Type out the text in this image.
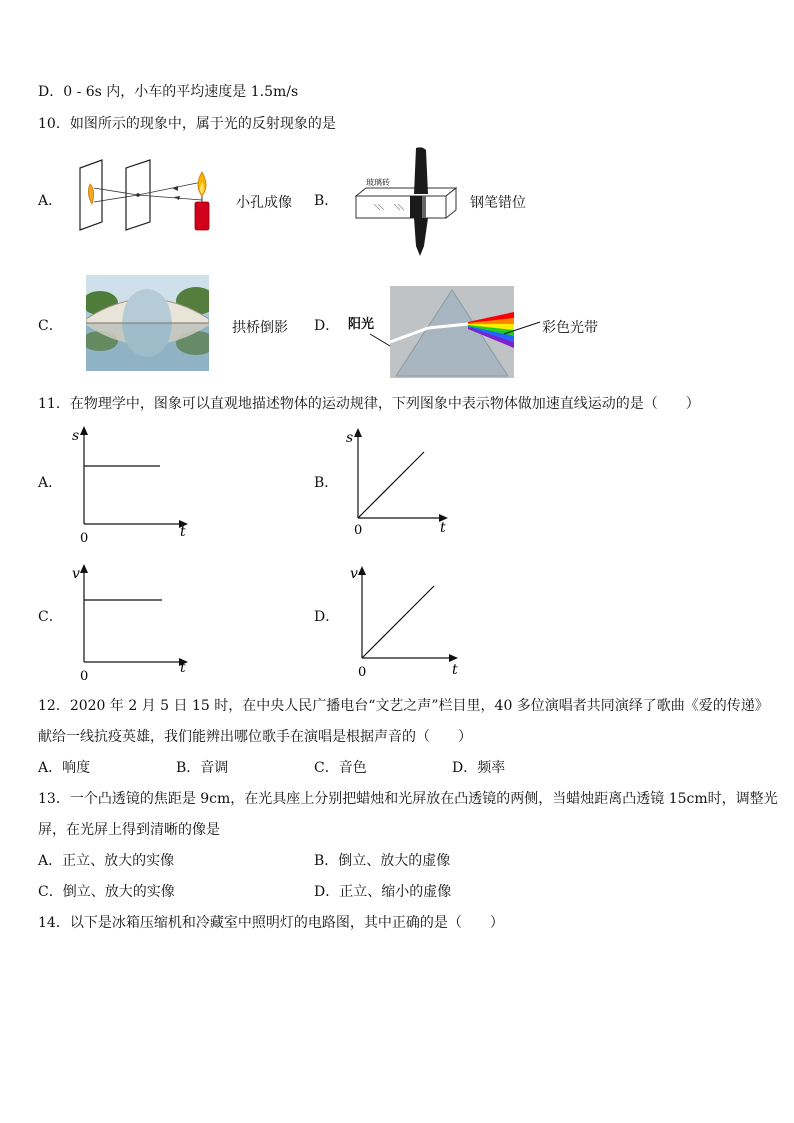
D．0 - 6s 内，小车的平均速度是 1.5m/s
10．如图所示的现象中，属于光的反射现象的是
A．	小孔成像 B．
玻璃砖
钢笔错位
C．	拱桥倒影 D． 阳光	彩色光带
11．在物理学中，图象可以直观地描述物体的运动规律，下列图象中表示物体做加速直线运动的是（　　）
A．
s
t
0
B．
s
t
0
C．
v
t
0
D．
v
t
0
12．2020 年 2 月 5 日 15 时，在中央人民广播电台“文艺之声”栏目里，40 多位演唱者共同演绎了歌曲《爱的传递》
献给一线抗疫英雄，我们能辨出哪位歌手在演唱是根据声音的（　　）
A．响度	B．音调	C．音色	D．频率
13．一个凸透镜的焦距是 9cm，在光具座上分别把蜡烛和光屏放在凸透镜的两侧，当蜡烛距离凸透镜 15cm时，调整光
屏，在光屏上得到清晰的像是
A．正立、放大的实像	B．倒立、放大的虚像
C．倒立、放大的实像	D．正立、缩小的虚像
14．以下是冰箱压缩机和冷藏室中照明灯的电路图，其中正确的是（　　）
